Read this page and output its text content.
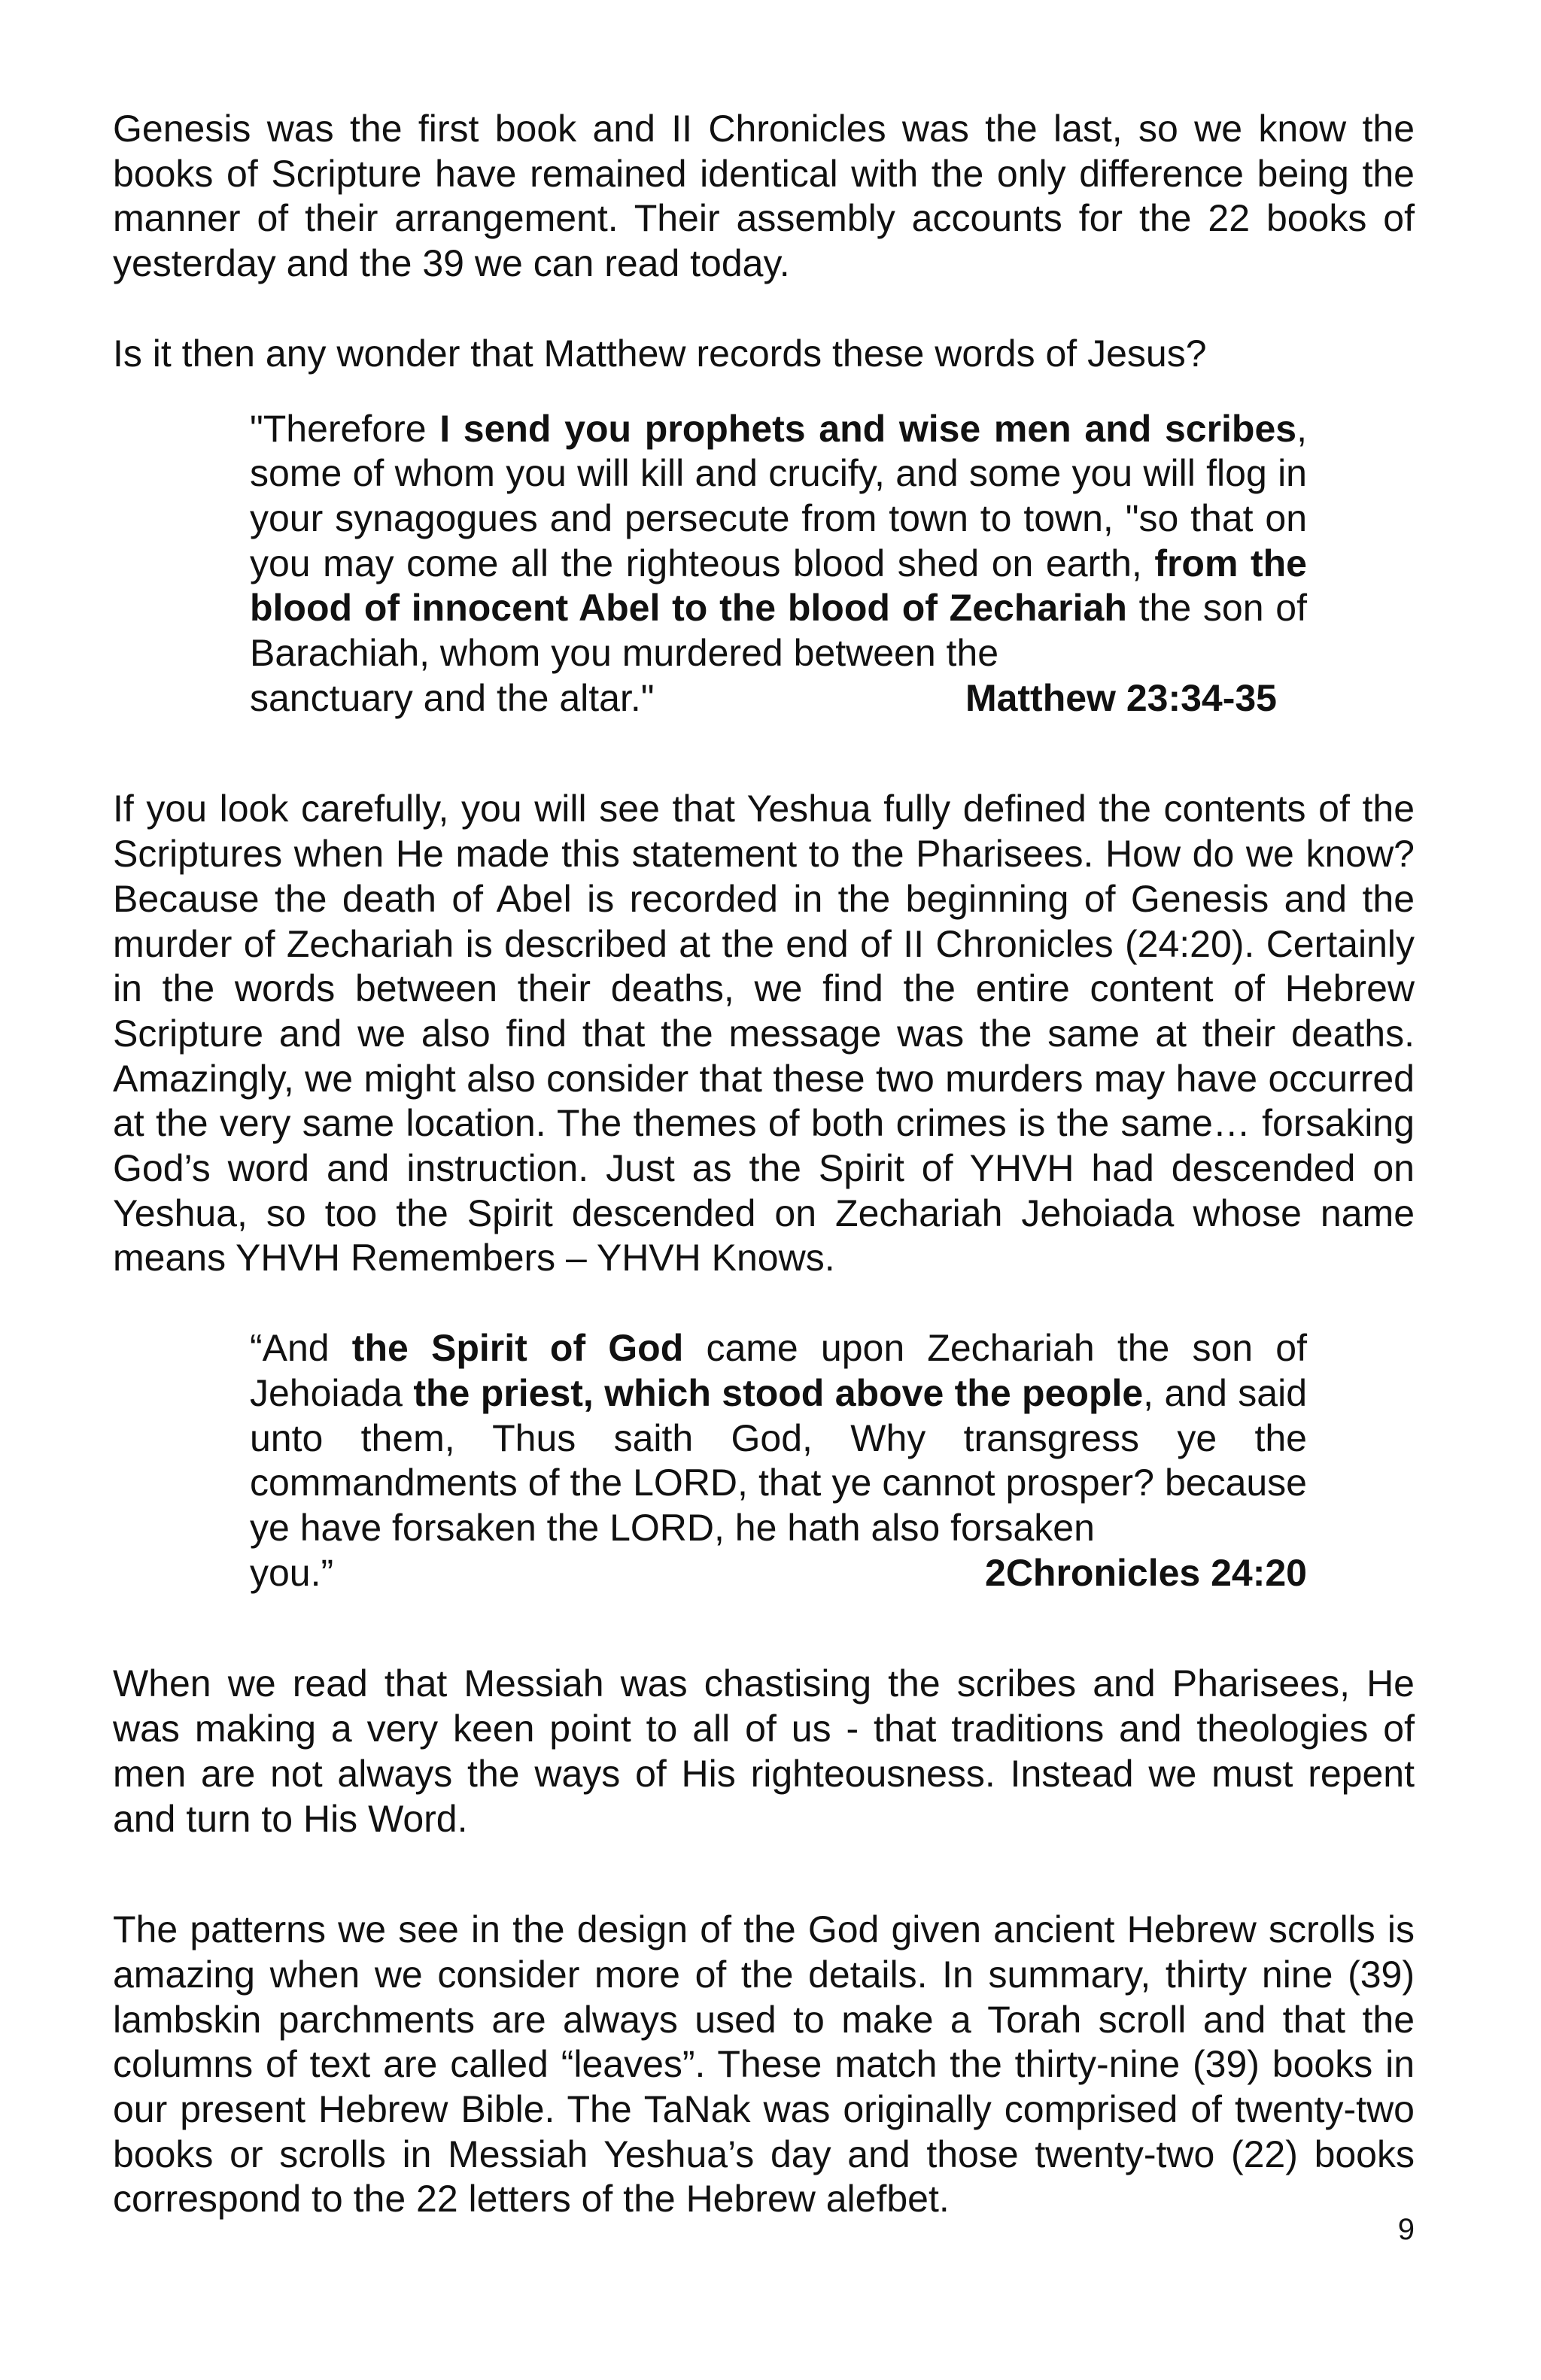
Genesis was the first book and II Chronicles was the last, so we know the books of Scripture have remained identical with the only difference being the manner of their arrangement. Their assembly accounts for the 22 books of yesterday and the 39 we can read today.

Is it then any wonder that Matthew records these words of Jesus?

"Therefore I send you prophets and wise men and scribes, some of whom you will kill and crucify, and some you will flog in your synagogues and persecute from town to town, "so that on you may come all the righteous blood shed on earth, from the blood of innocent Abel to the blood of Zechariah the son of Barachiah, whom you murdered between the
sanctuary and the altar."	Matthew 23:34-35

If you look carefully, you will see that Yeshua fully defined the contents of the Scriptures when He made this statement to the Pharisees. How do we know? Because the death of Abel is recorded in the beginning of Genesis and the murder of Zechariah is described at the end of II Chronicles (24:20). Certainly in the words between their deaths, we find the entire content of Hebrew Scripture and we also find that the message was the same at their deaths. Amazingly, we might also consider that these two murders may have occurred at the very same location. The themes of both crimes is the same… forsaking God’s word and instruction. Just as the Spirit of YHVH had descended on Yeshua, so too the Spirit descended on Zechariah Jehoiada whose name means YHVH Remembers – YHVH Knows.

“And the Spirit of God came upon Zechariah the son of Jehoiada the priest, which stood above the people, and said unto them, Thus saith God, Why transgress ye the commandments of the LORD, that ye cannot prosper? because ye have forsaken the LORD, he hath also forsaken
you.”	2Chronicles 24:20

When we read that Messiah was chastising the scribes and Pharisees, He was making a very keen point to all of us - that traditions and theologies of men are not always the ways of His righteousness. Instead we must repent and turn to His Word.

The patterns we see in the design of the God given ancient Hebrew scrolls is amazing when we consider more of the details. In summary, thirty nine (39) lambskin parchments are always used to make a Torah scroll and that the columns of text are called “leaves”. These match the thirty-nine (39) books in our present Hebrew Bible. The TaNak was originally comprised of twenty-two books or scrolls in Messiah Yeshua’s day and those twenty-two (22) books correspond to the 22 letters of the Hebrew alefbet.

9
